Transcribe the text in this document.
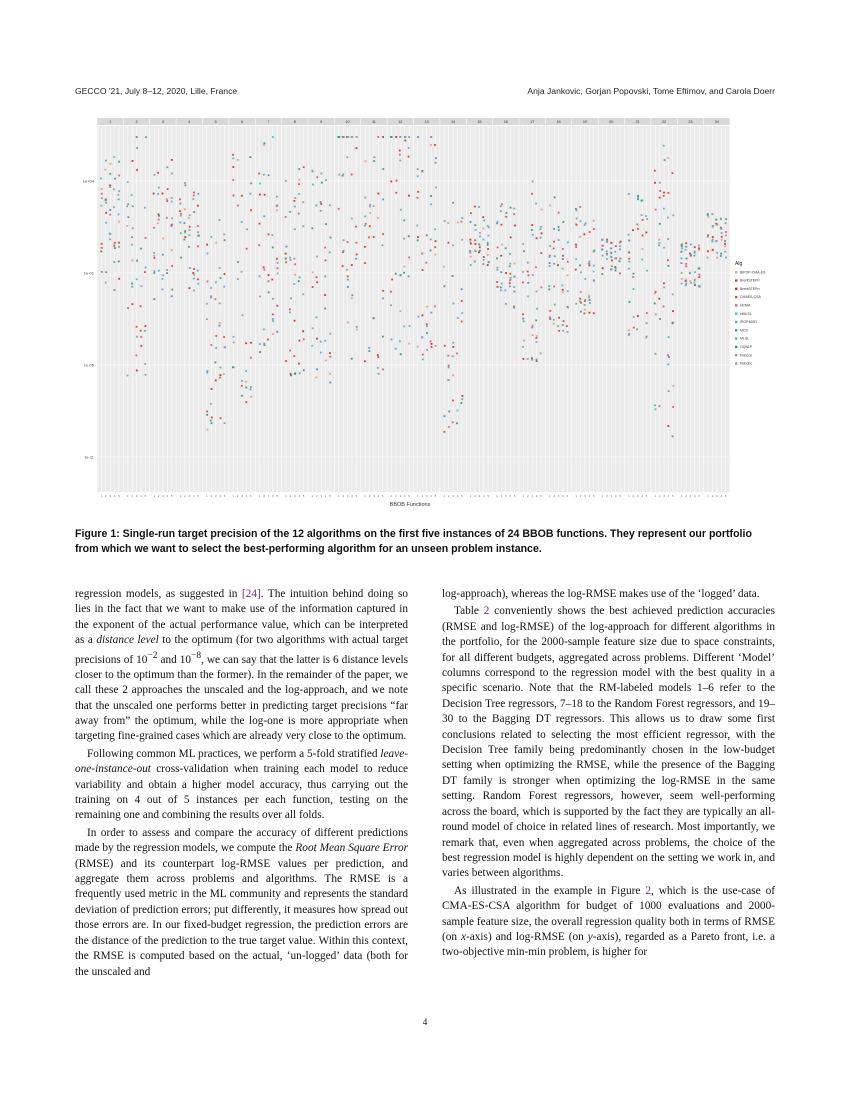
GECCO '21, July 8–12, 2020, Lille, France	Anja Jankovic, Gorjan Popovski, Tome Eftimov, and Carola Doerr
1
1 2 3 4 5
2
1 2 3 4 5
3
1 2 3 4 5
4
1 2 3 4 5
5
1 2 3 4 5
6
1 2 3 4 5
7
1 2 3 4 5
8
1 2 3 4 5
9
1 2 3 4 5
10
1 2 3 4 5
11
1 2 3 4 5
12
1 2 3 4 5
13
1 2 3 4 5
14
1 2 3 4 5
15
1 2 3 4 5
16
1 2 3 4 5
17
1 2 3 4 5
18
1 2 3 4 5
19
1 2 3 4 5
20
1 2 3 4 5
21
1 2 3 4 5
22
1 2 3 4 5
23
1 2 3 4 5
24
1 2 3 4 5
1e+04
1e-01
1e-06
1e-11
Alg
BIPOP-CMA-ES
BrentSTEPrr
BrentSTEPrr
CMAES-CSA
HCMA
HMLSL
IPOP400D
MCS
MLSL
OQNLP
fmincon
fminunc
BBOB Functions
Figure 1: Single-run target precision of the 12 algorithms on the first five instances of 24 BBOB functions. They represent our portfolio from which we want to select the best-performing algorithm for an unseen problem instance.

regression models, as suggested in [24]. The intuition behind doing so lies in the fact that we want to make use of the information captured in the exponent of the actual performance value, which can be interpreted as a distance level to the optimum (for two algorithms with actual target precisions of $10^{-2}$ and $10^{-8}$, we can say that the latter is 6 distance levels closer to the optimum than the former). In the remainder of the paper, we call these 2 approaches the unscaled and the log-approach, and we note that the unscaled one performs better in predicting target precisions “far away from” the optimum, while the log-one is more appropriate when targeting fine-grained cases which are already very close to the optimum.

Following common ML practices, we perform a 5-fold stratified leave-one-instance-out cross-validation when training each model to reduce variability and obtain a higher model accuracy, thus carrying out the training on 4 out of 5 instances per each function, testing on the remaining one and combining the results over all folds.

In order to assess and compare the accuracy of different predictions made by the regression models, we compute the Root Mean Square Error (RMSE) and its counterpart log-RMSE values per prediction, and aggregate them across problems and algorithms. The RMSE is a frequently used metric in the ML community and represents the standard deviation of prediction errors; put differently, it measures how spread out those errors are. In our fixed-budget regression, the prediction errors are the distance of the prediction to the true target value. Within this context, the RMSE is computed based on the actual, ‘un-logged’ data (both for the unscaled and

log-approach), whereas the log-RMSE makes use of the ‘logged’ data.

Table 2 conveniently shows the best achieved prediction accuracies (RMSE and log-RMSE) of the log-approach for different algorithms in the portfolio, for the 2000-sample feature size due to space constraints, for all different budgets, aggregated across problems. Different ‘Model’ columns correspond to the regression model with the best quality in a specific scenario. Note that the RM-labeled models 1–6 refer to the Decision Tree regressors, 7–18 to the Random Forest regressors, and 19–30 to the Bagging DT regressors. This allows us to draw some first conclusions related to selecting the most efficient regressor, with the Decision Tree family being predominantly chosen in the low-budget setting when optimizing the RMSE, while the presence of the Bagging DT family is stronger when optimizing the log-RMSE in the same setting. Random Forest regressors, however, seem well-performing across the board, which is supported by the fact they are typically an all-round model of choice in related lines of research. Most importantly, we remark that, even when aggregated across problems, the choice of the best regression model is highly dependent on the setting we work in, and varies between algorithms.

As illustrated in the example in Figure 2, which is the use-case of CMA-ES-CSA algorithm for budget of 1000 evaluations and 2000-sample feature size, the overall regression quality both in terms of RMSE (on x-axis) and log-RMSE (on y-axis), regarded as a Pareto front, i.e. a two-objective min-min problem, is higher for

4
